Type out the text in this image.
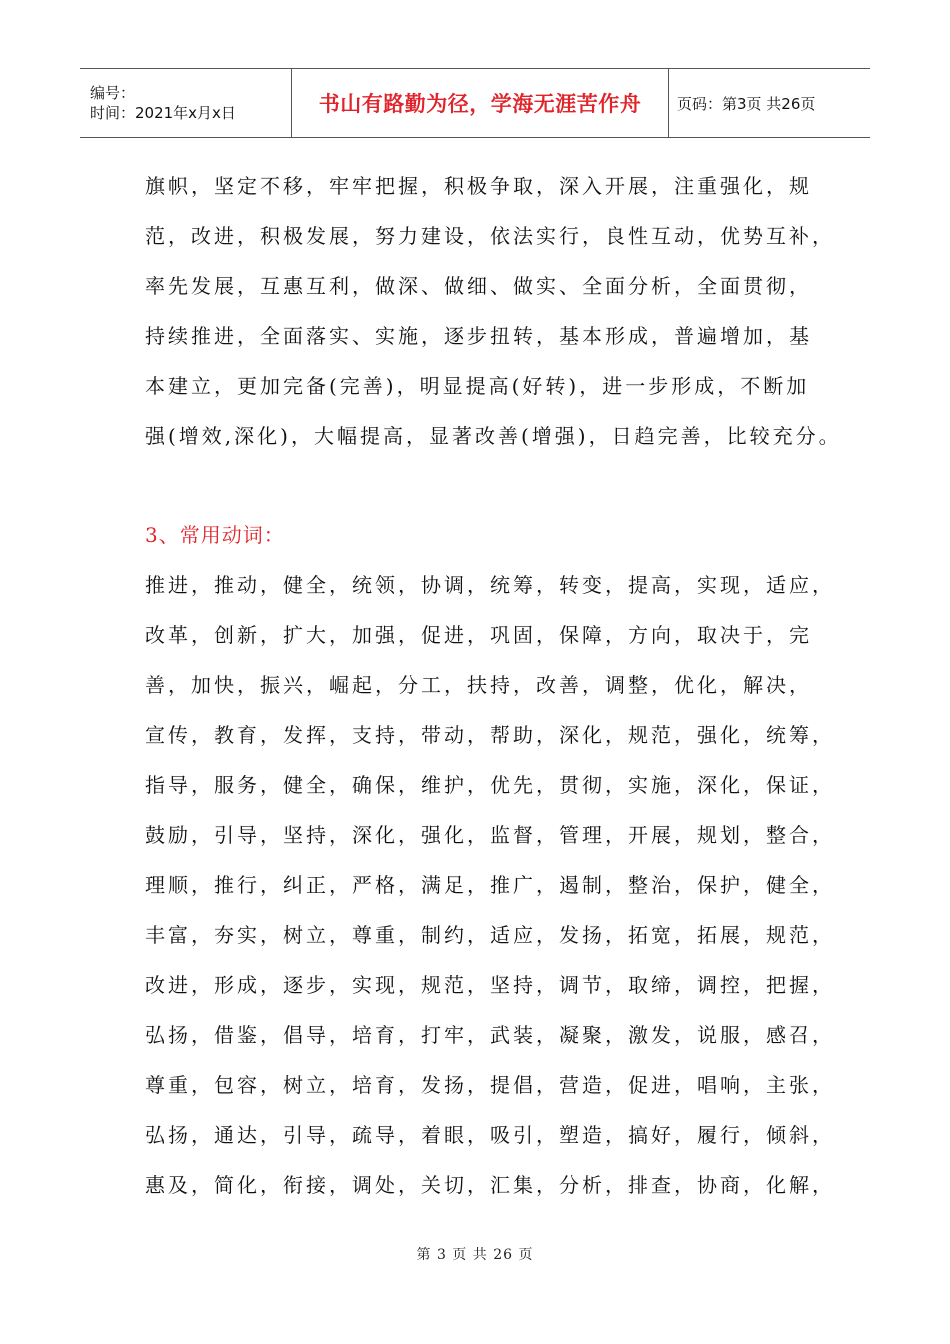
编号：
时间：2021年x月x日	书山有路勤为径，学海无涯苦作舟 页码：第3页 共26页
旗帜，坚定不移，牢牢把握，积极争取，深入开展，注重强化，规
范，改进，积极发展，努力建设，依法实行，良性互动，优势互补，
率先发展，互惠互利，做深、做细、做实、全面分析，全面贯彻，
持续推进，全面落实、实施，逐步扭转，基本形成，普遍增加，基
本建立，更加完备(完善)，明显提高(好转)，进一步形成，不断加
强(增效,深化)，大幅提高，显著改善(增强)，日趋完善，比较充分。
3、常用动词：
推进，推动，健全，统领，协调，统筹，转变，提高，实现，适应，
改革，创新，扩大，加强，促进，巩固，保障，方向，取决于，完
善，加快，振兴，崛起，分工，扶持，改善，调整，优化，解决，
宣传，教育，发挥，支持，带动，帮助，深化，规范，强化，统筹，
指导，服务，健全，确保，维护，优先，贯彻，实施，深化，保证，
鼓励，引导，坚持，深化，强化，监督，管理，开展，规划，整合，
理顺，推行，纠正，严格，满足，推广，遏制，整治，保护，健全，
丰富，夯实，树立，尊重，制约，适应，发扬，拓宽，拓展，规范，
改进，形成，逐步，实现，规范，坚持，调节，取缔，调控，把握，
弘扬，借鉴，倡导，培育，打牢，武装，凝聚，激发，说服，感召，
尊重，包容，树立，培育，发扬，提倡，营造，促进，唱响，主张，
弘扬，通达，引导，疏导，着眼，吸引，塑造，搞好，履行，倾斜，
惠及，简化，衔接，调处，关切，汇集，分析，排查，协商，化解，
第 3 页 共 26 页
